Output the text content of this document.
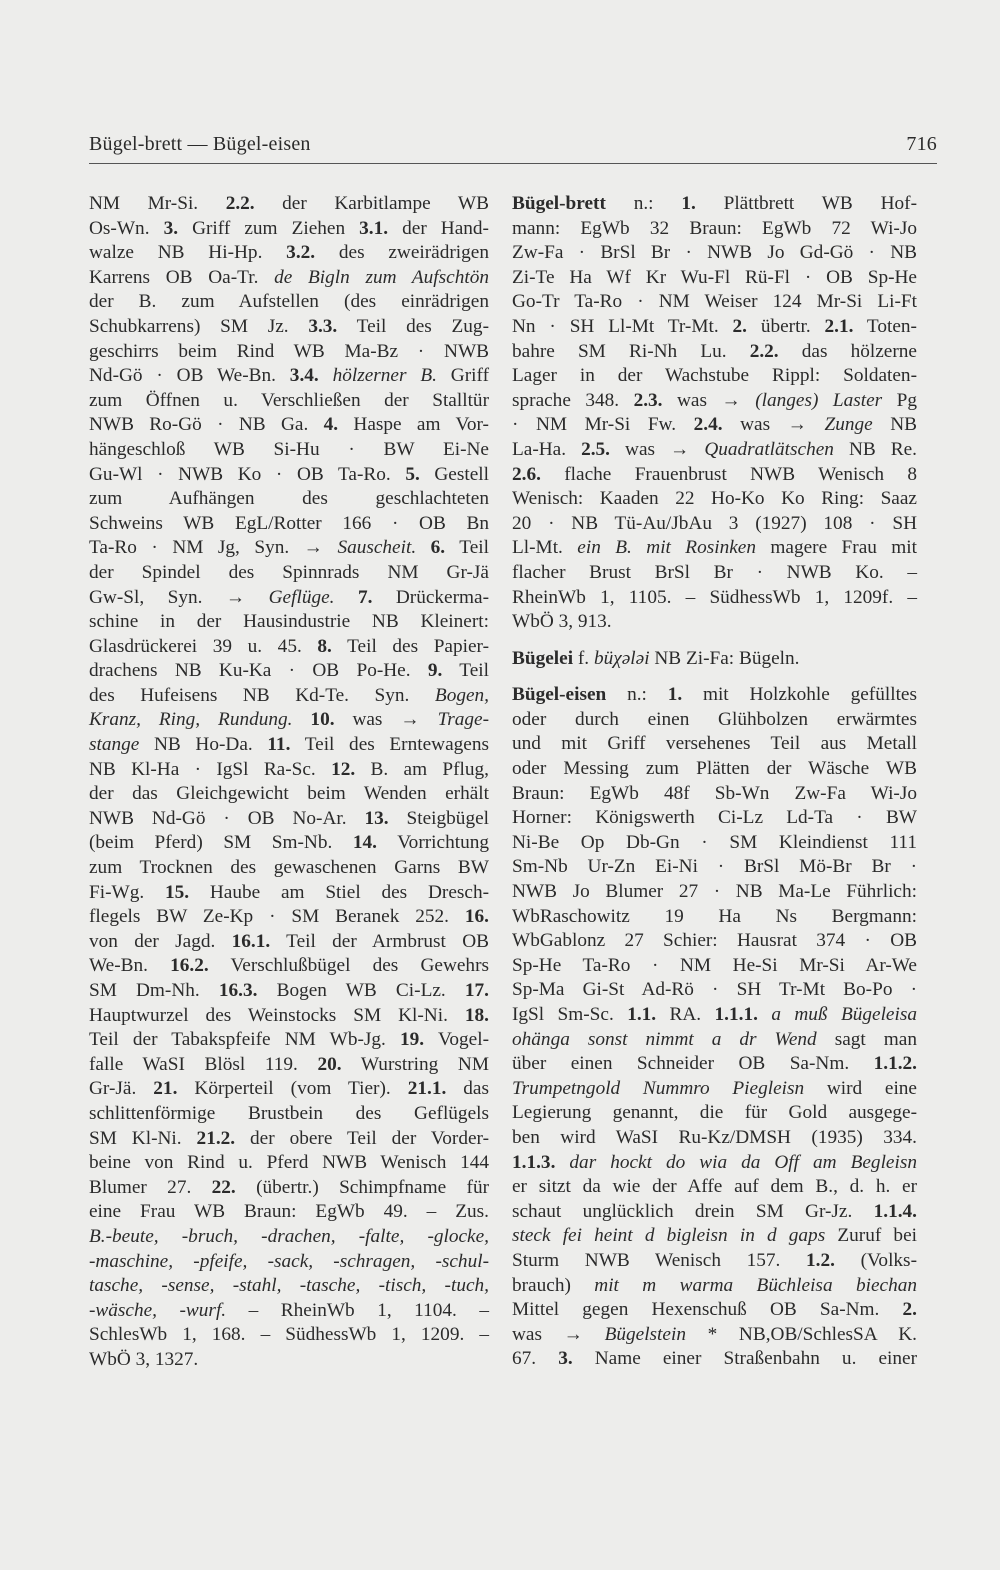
Bügel-brett — Bügel-eisen	716
NM Mr-Si. 2.2. der Karbitlampe WB
Os-Wn. 3. Griff zum Ziehen 3.1. der Hand-
walze NB Hi-Hp. 3.2. des zweirädrigen
Karrens OB Oa-Tr. de Bigln zum Aufschtön
der B. zum Aufstellen (des einrädrigen
Schubkarrens) SM Jz. 3.3. Teil des Zug-
geschirrs beim Rind WB Ma-Bz · NWB
Nd-Gö · OB We-Bn. 3.4. hölzerner B. Griff
zum Öffnen u. Verschließen der Stalltür
NWB Ro-Gö · NB Ga. 4. Haspe am Vor-
hängeschloß WB Si-Hu · BW Ei-Ne
Gu-Wl · NWB Ko · OB Ta-Ro. 5. Gestell
zum Aufhängen des geschlachteten
Schweins WB EgL/Rotter 166 · OB Bn
Ta-Ro · NM Jg, Syn. → Sauscheit. 6. Teil
der Spindel des Spinnrads NM Gr-Jä
Gw-Sl, Syn. → Geflüge. 7. Drückerma-
schine in der Hausindustrie NB Kleinert:
Glasdrückerei 39 u. 45. 8. Teil des Papier-
drachens NB Ku-Ka · OB Po-He. 9. Teil
des Hufeisens NB Kd-Te. Syn. Bogen,
Kranz, Ring, Rundung. 10. was → Trage-
stange NB Ho-Da. 11. Teil des Erntewagens
NB Kl-Ha · IgSl Ra-Sc. 12. B. am Pflug,
der das Gleichgewicht beim Wenden erhält
NWB Nd-Gö · OB No-Ar. 13. Steigbügel
(beim Pferd) SM Sm-Nb. 14. Vorrichtung
zum Trocknen des gewaschenen Garns BW
Fi-Wg. 15. Haube am Stiel des Dresch-
flegels BW Ze-Kp · SM Beranek 252. 16.
von der Jagd. 16.1. Teil der Armbrust OB
We-Bn. 16.2. Verschlußbügel des Gewehrs
SM Dm-Nh. 16.3. Bogen WB Ci-Lz. 17.
Hauptwurzel des Weinstocks SM Kl-Ni. 18.
Teil der Tabakspfeife NM Wb-Jg. 19. Vogel-
falle WaSI Blösl 119. 20. Wurstring NM
Gr-Jä. 21. Körperteil (vom Tier). 21.1. das
schlittenförmige Brustbein des Geflügels
SM Kl-Ni. 21.2. der obere Teil der Vorder-
beine von Rind u. Pferd NWB Wenisch 144
Blumer 27. 22. (übertr.) Schimpfname für
eine Frau WB Braun: EgWb 49. – Zus.
B.-beute, -bruch, -drachen, -falte, -glocke,
-maschine, -pfeife, -sack, -schragen, -schul-
tasche, -sense, -stahl, -tasche, -tisch, -tuch,
-wäsche, -wurf. – RheinWb 1, 1104. –
SchlesWb 1, 168. – SüdhessWb 1, 1209. –
WbÖ 3, 1327.
Bügel-brett n.: 1. Plättbrett WB Hof-
mann: EgWb 32 Braun: EgWb 72 Wi-Jo
Zw-Fa · BrSl Br · NWB Jo Gd-Gö · NB
Zi-Te Ha Wf Kr Wu-Fl Rü-Fl · OB Sp-He
Go-Tr Ta-Ro · NM Weiser 124 Mr-Si Li-Ft
Nn · SH Ll-Mt Tr-Mt. 2. übertr. 2.1. Toten-
bahre SM Ri-Nh Lu. 2.2. das hölzerne
Lager in der Wachstube Rippl: Soldaten-
sprache 348. 2.3. was → (langes) Laster Pg
· NM Mr-Si Fw. 2.4. was → Zunge NB
La-Ha. 2.5. was → Quadratlätschen NB Re.
2.6. flache Frauenbrust NWB Wenisch 8
Wenisch: Kaaden 22 Ho-Ko Ko Ring: Saaz
20 · NB Tü-Au/JbAu 3 (1927) 108 · SH
Ll-Mt. ein B. mit Rosinken magere Frau mit
flacher Brust BrSl Br · NWB Ko. –
RheinWb 1, 1105. – SüdhessWb 1, 1209f. –
WbÖ 3, 913.
Bügelei f. büχələi NB Zi-Fa: Bügeln.
Bügel-eisen n.: 1. mit Holzkohle gefülltes
oder durch einen Glühbolzen erwärmtes
und mit Griff versehenes Teil aus Metall
oder Messing zum Plätten der Wäsche WB
Braun: EgWb 48f Sb-Wn Zw-Fa Wi-Jo
Horner: Königswerth Ci-Lz Ld-Ta · BW
Ni-Be Op Db-Gn · SM Kleindienst 111
Sm-Nb Ur-Zn Ei-Ni · BrSl Mö-Br Br ·
NWB Jo Blumer 27 · NB Ma-Le Führlich:
WbRaschowitz 19 Ha Ns Bergmann:
WbGablonz 27 Schier: Hausrat 374 · OB
Sp-He Ta-Ro · NM He-Si Mr-Si Ar-We
Sp-Ma Gi-St Ad-Rö · SH Tr-Mt Bo-Po ·
IgSl Sm-Sc. 1.1. RA. 1.1.1. a muß Bügeleisa
ohänga sonst nimmt a dr Wend sagt man
über einen Schneider OB Sa-Nm. 1.1.2.
Trumpetngold Nummro Piegleisn wird eine
Legierung genannt, die für Gold ausgege-
ben wird WaSI Ru-Kz/DMSH (1935) 334.
1.1.3. dar hockt do wia da Off am Begleisn
er sitzt da wie der Affe auf dem B., d. h. er
schaut unglücklich drein SM Gr-Jz. 1.1.4.
steck fei heint d bigleisn in d gaps Zuruf bei
Sturm NWB Wenisch 157. 1.2. (Volks-
brauch) mit m warma Büchleisa biechan
Mittel gegen Hexenschuß OB Sa-Nm. 2.
was → Bügelstein * NB,OB/SchlesSA K.
67. 3. Name einer Straßenbahn u. einer
